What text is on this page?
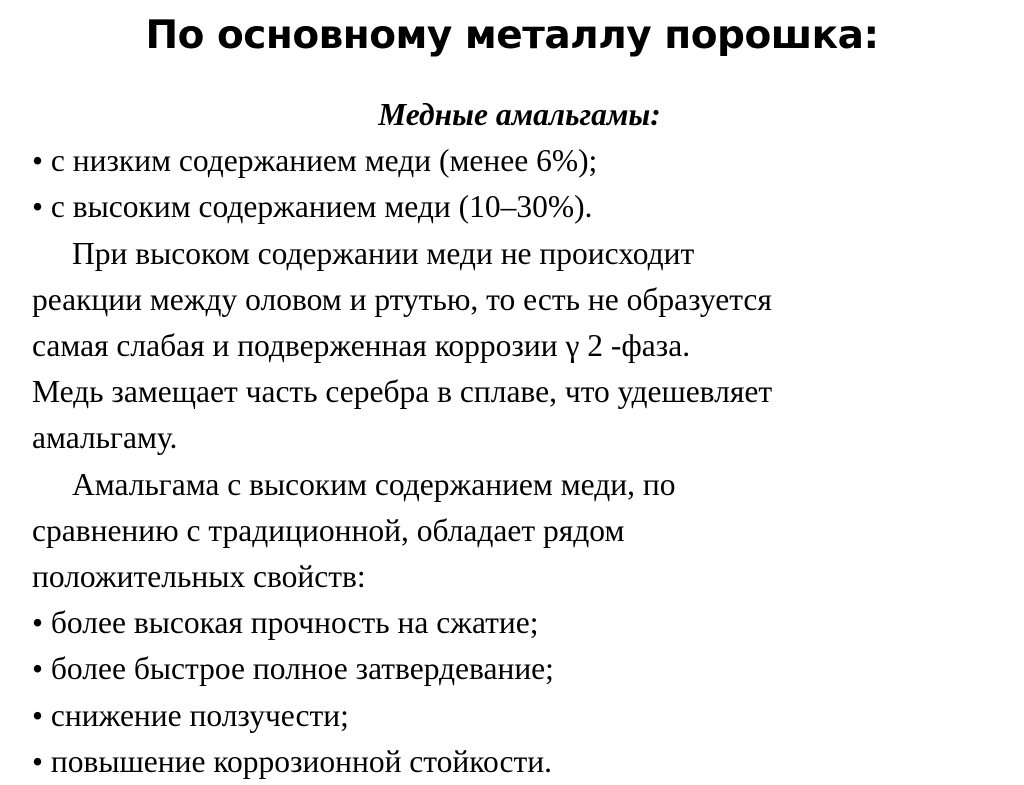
По основному металлу порошка:
Медные амальгамы:
• с низким содержанием меди (менее 6%);
• с высоким содержанием меди (10–30%).
При высоком содержании меди не происходит
реакции между оловом и ртутью, то есть не образуется
самая слабая и подверженная коррозии γ 2 -фаза.
Медь замещает часть серебра в сплаве, что удешевляет
амальгаму.
Амальгама с высоким содержанием меди, по
сравнению с традиционной, обладает рядом
положительных свойств:
• более высокая прочность на сжатие;
• более быстрое полное затвердевание;
• снижение ползучести;
• повышение коррозионной стойкости.
